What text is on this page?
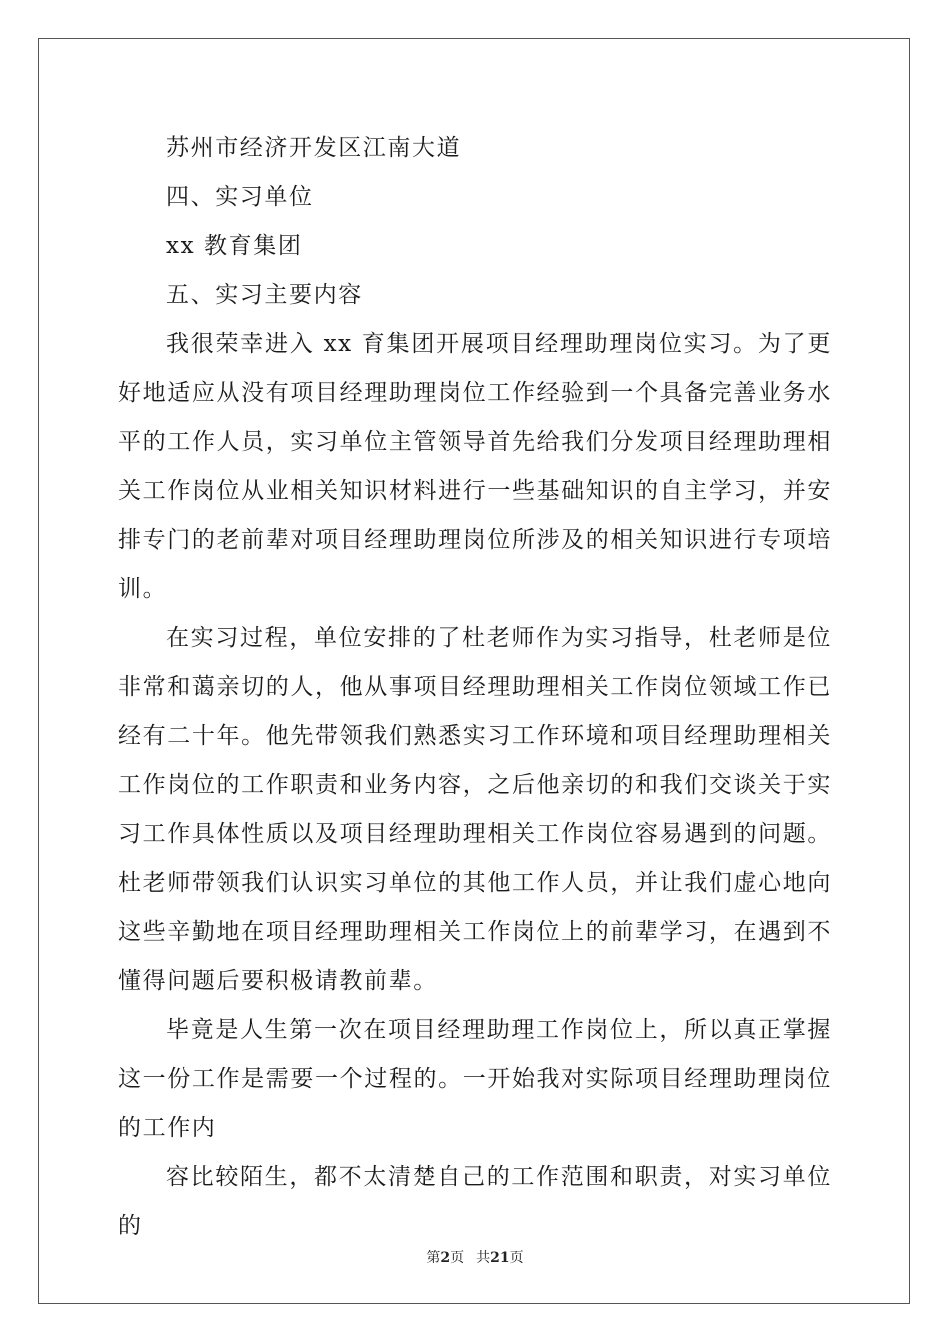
苏州市经济开发区江南大道

四、实习单位

xx 教育集团

五、实习主要内容

我很荣幸进入 xx 育集团开展项目经理助理岗位实习。为了更好地适应从没有项目经理助理岗位工作经验到一个具备完善业务水平的工作人员，实习单位主管领导首先给我们分发项目经理助理相关工作岗位从业相关知识材料进行一些基础知识的自主学习，并安排专门的老前辈对项目经理助理岗位所涉及的相关知识进行专项培训。

在实习过程，单位安排的了杜老师作为实习指导，杜老师是位非常和蔼亲切的人，他从事项目经理助理相关工作岗位领域工作已经有二十年。他先带领我们熟悉实习工作环境和项目经理助理相关工作岗位的工作职责和业务内容，之后他亲切的和我们交谈关于实习工作具体性质以及项目经理助理相关工作岗位容易遇到的问题。杜老师带领我们认识实习单位的其他工作人员，并让我们虚心地向这些辛勤地在项目经理助理相关工作岗位上的前辈学习，在遇到不懂得问题后要积极请教前辈。

毕竟是人生第一次在项目经理助理工作岗位上，所以真正掌握这一份工作是需要一个过程的。一开始我对实际项目经理助理岗位的工作内

容比较陌生，都不太清楚自己的工作范围和职责，对实习单位的

第2页 共21页
